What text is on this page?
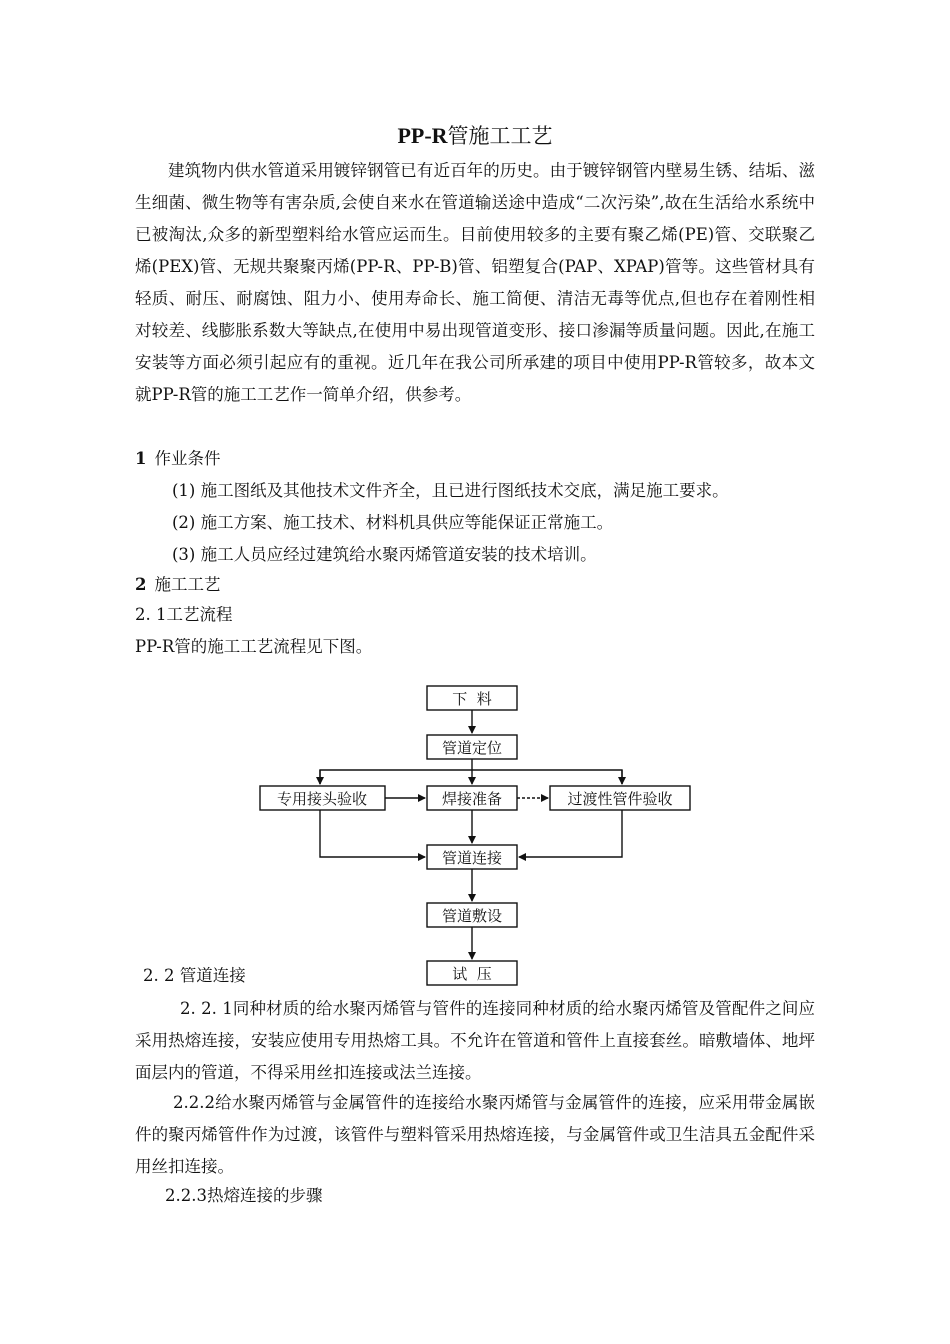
PP-R管施工工艺

建筑物内供水管道采用镀锌钢管已有近百年的历史。由于镀锌钢管内壁易生锈、结垢、滋生细菌、微生物等有害杂质,会使自来水在管道输送途中造成“二次污染”,故在生活给水系统中已被淘汰,众多的新型塑料给水管应运而生。目前使用较多的主要有聚乙烯(PE)管、交联聚乙烯(PEX)管、无规共聚聚丙烯(PP-R、PP-B)管、铝塑复合(PAP、XPAP)管等。这些管材具有轻质、耐压、耐腐蚀、阻力小、使用寿命长、施工简便、清洁无毒等优点,但也存在着刚性相对较差、线膨胀系数大等缺点,在使用中易出现管道变形、接口渗漏等质量问题。因此,在施工安装等方面必须引起应有的重视。近几年在我公司所承建的项目中使用PP-R管较多，故本文就PP-R管的施工工艺作一简单介绍，供参考。

1 作业条件
(1) 施工图纸及其他技术文件齐全，且已进行图纸技术交底，满足施工要求。
(2) 施工方案、施工技术、材料机具供应等能保证正常施工。
(3) 施工人员应经过建筑给水聚丙烯管道安装的技术培训。
2 施工工艺
2. 1工艺流程
PP-R管的施工工艺流程见下图。
下  料
管道定位
专用接头验收	焊接准备	过渡性管件验收
管道连接
管道敷设
试  压
2. 2 管道连接

2. 2. 1同种材质的给水聚丙烯管与管件的连接同种材质的给水聚丙烯管及管配件之间应采用热熔连接，安装应使用专用热熔工具。不允许在管道和管件上直接套丝。暗敷墙体、地坪面层内的管道，不得采用丝扣连接或法兰连接。

2.2.2给水聚丙烯管与金属管件的连接给水聚丙烯管与金属管件的连接，应采用带金属嵌件的聚丙烯管件作为过渡，该管件与塑料管采用热熔连接，与金属管件或卫生洁具五金配件采用丝扣连接。

2.2.3热熔连接的步骤
